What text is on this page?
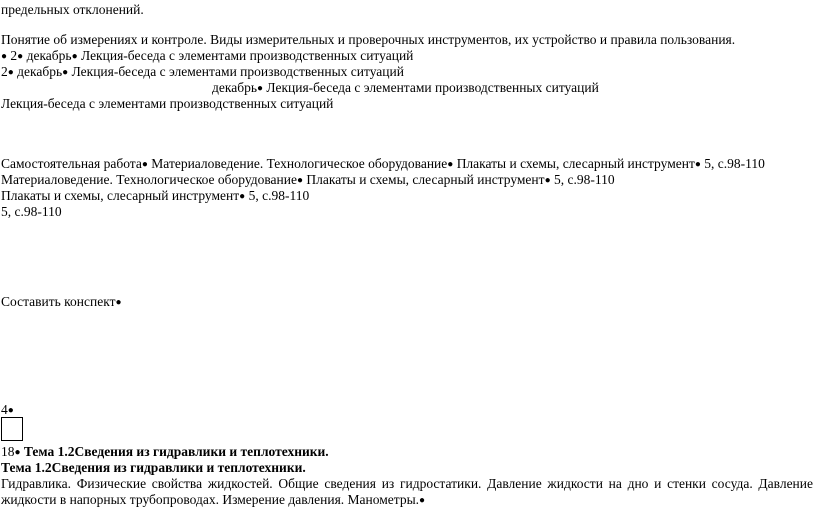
предельных отклонений.
Понятие об измерениях и контроле. Виды измерительных и проверочных инструментов, их устройство и правила пользования.
● 2● декабрь● Лекция-беседа с элементами производственных ситуаций
2● декабрь● Лекция-беседа с элементами производственных ситуаций
декабрь● Лекция-беседа с элементами производственных ситуаций
Лекция-беседа с элементами производственных ситуаций
Самостоятельная работа● Материаловедение. Технологическое оборудование● Плакаты и схемы, слесарный инструмент● 5, с.98-110
Материаловедение. Технологическое оборудование● Плакаты и схемы, слесарный инструмент● 5, с.98-110
Плакаты и схемы, слесарный инструмент● 5, с.98-110
5, с.98-110
Составить конспект●
4●
18● Тема 1.2Сведения из гидравлики и теплотехники.
Тема 1.2Сведения из гидравлики и теплотехники.
Гидравлика. Физические свойства жидкостей. Общие сведения из гидростатики. Давление жидкости на дно и стенки сосуда. Давление жидкости в напорных трубопроводах. Измерение давления. Манометры.●
